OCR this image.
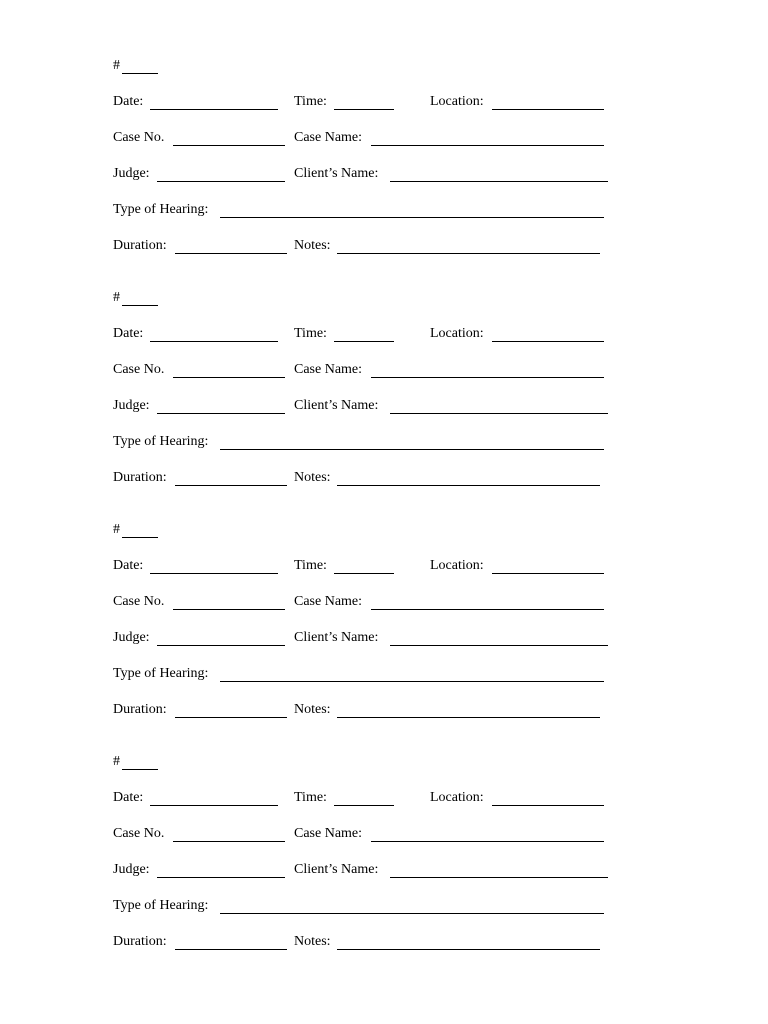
#
Date:	Time:	Location:
Case No.	Case Name:
Judge:	Client’s Name:
Type of Hearing:
Duration:	Notes:
#
Date:	Time:	Location:
Case No.	Case Name:
Judge:	Client’s Name:
Type of Hearing:
Duration:	Notes:
#
Date:	Time:	Location:
Case No.	Case Name:
Judge:	Client’s Name:
Type of Hearing:
Duration:	Notes:
#
Date:	Time:	Location:
Case No.	Case Name:
Judge:	Client’s Name:
Type of Hearing:
Duration:	Notes:
